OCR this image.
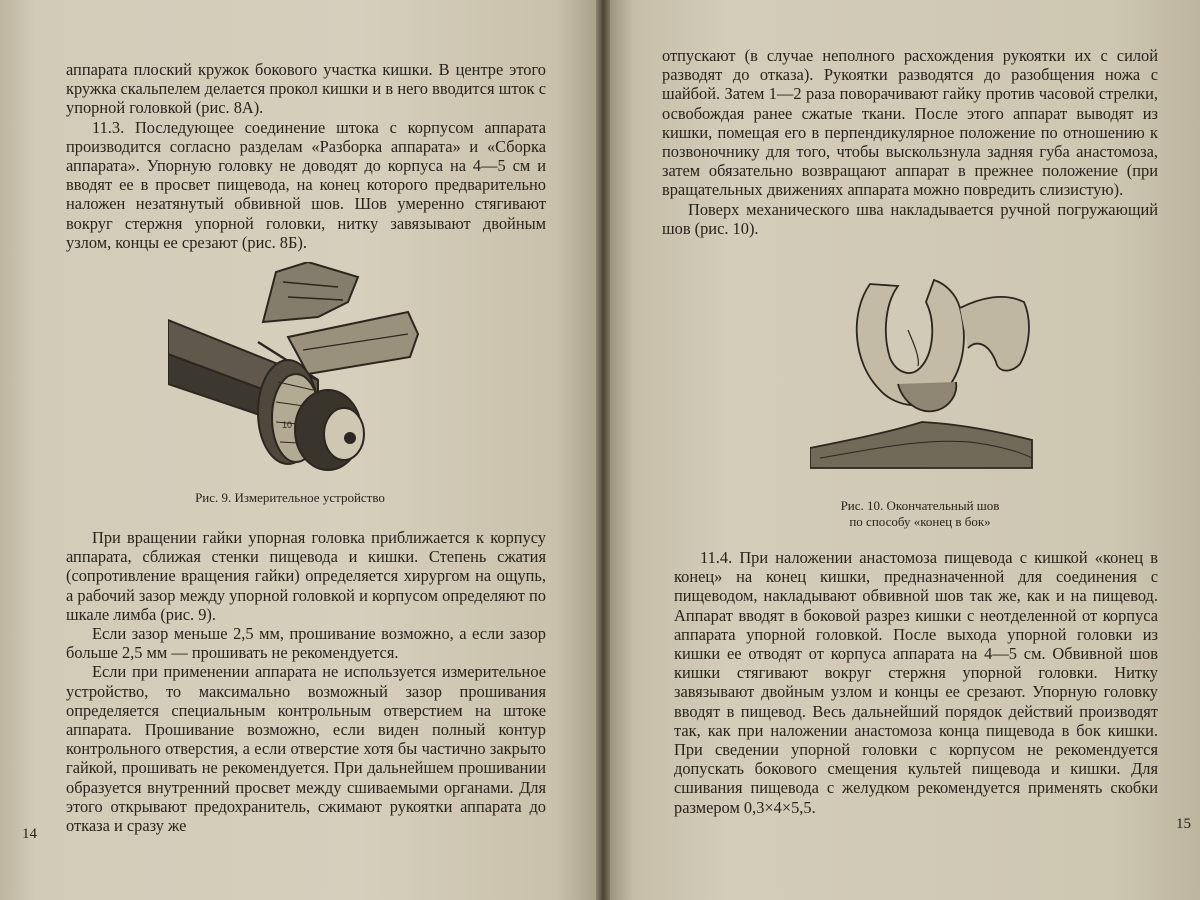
аппарата плоский кружок бокового участка кишки. В центре этого кружка скальпелем делается прокол кишки и в него вводится шток с упорной головкой (рис. 8А).

11.3. Последующее соединение штока с корпусом аппарата производится согласно разделам «Разборка аппарата» и «Сборка аппарата». Упорную головку не доводят до корпуса на 4—5 см и вводят ее в просвет пищевода, на конец которого предварительно наложен незатянутый обвивной шов. Шов умеренно стягивают вокруг стержня упорной головки, нитку завязывают двойным узлом, концы ее срезают (рис. 8Б).

10
Рис. 9. Измерительное устройство

При вращении гайки упорная головка приближается к корпусу аппарата, сближая стенки пищевода и кишки. Степень сжатия (сопротивление вращения гайки) определяется хирургом на ощупь, а рабочий зазор между упорной головкой и корпусом определяют по шкале лимба (рис. 9).

Если зазор меньше 2,5 мм, прошивание возможно, а если зазор больше 2,5 мм — прошивать не рекомендуется.

Если при применении аппарата не используется измерительное устройство, то максимально возможный зазор прошивания определяется специальным контрольным отверстием на штоке аппарата. Прошивание возможно, если виден полный контур контрольного отверстия, а если отверстие хотя бы частично закрыто гайкой, прошивать не рекомендуется. При дальнейшем прошивании образуется внутренний просвет между сшиваемыми органами. Для этого открывают предохранитель, сжимают рукоятки аппарата до отказа и сразу же

14

отпускают (в случае неполного расхождения рукоятки их с силой разводят до отказа). Рукоятки разводятся до разобщения ножа с шайбой. Затем 1—2 раза поворачивают гайку против часовой стрелки, освобождая ранее сжатые ткани. После этого аппарат выводят из кишки, помещая его в перпендикулярное положение по отношению к позвоночнику для того, чтобы выскользнула задняя губа анастомоза, затем обязательно возвращают аппарат в прежнее положение (при вращательных движениях аппарата можно повредить слизистую).

Поверх механического шва накладывается ручной погружающий шов (рис. 10).

Рис. 10. Окончательный шов
по способу «конец в бок»

11.4. При наложении анастомоза пищевода с кишкой «конец в конец» на конец кишки, предназначенной для соединения с пищеводом, накладывают обвивной шов так же, как и на пищевод. Аппарат вводят в боковой разрез кишки с неотделенной от корпуса аппарата упорной головкой. После выхода упорной головки из кишки ее отводят от корпуса аппарата на 4—5 см. Обвивной шов кишки стягивают вокруг стержня упорной головки. Нитку завязывают двойным узлом и концы ее срезают. Упорную головку вводят в пищевод. Весь дальнейший порядок действий производят так, как при наложении анастомоза конца пищевода в бок кишки. При сведении упорной головки с корпусом не рекомендуется допускать бокового смещения культей пищевода и кишки. Для сшивания пищевода с желудком рекомендуется применять скобки размером 0,3×4×5,5.

15
